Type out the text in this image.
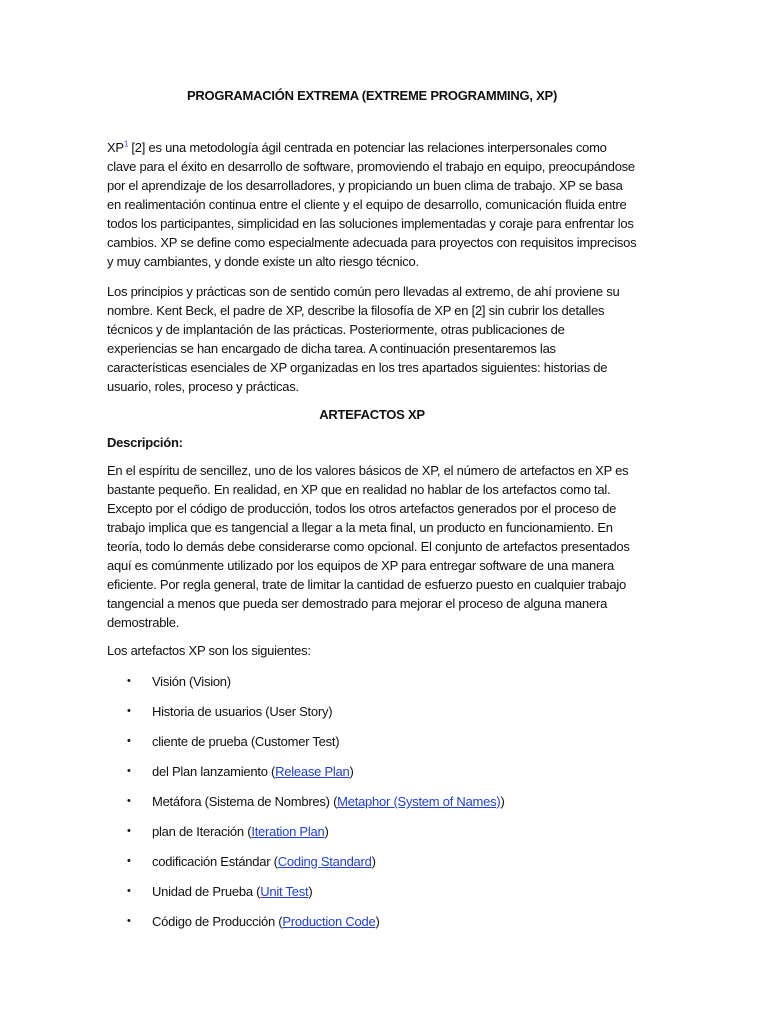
PROGRAMACIÓN EXTREMA (EXTREME PROGRAMMING, XP)

XP$^1$ [2] es una metodología ágil centrada en potenciar las relaciones interpersonales como clave para el éxito en desarrollo de software, promoviendo el trabajo en equipo, preocupándose por el aprendizaje de los desarrolladores, y propiciando un buen clima de trabajo. XP se basa en realimentación continua entre el cliente y el equipo de desarrollo, comunicación fluida entre todos los participantes, simplicidad en las soluciones implementadas y coraje para enfrentar los cambios. XP se define como especialmente adecuada para proyectos con requisitos imprecisos y muy cambiantes, y donde existe un alto riesgo técnico.

Los principios y prácticas son de sentido común pero llevadas al extremo, de ahí proviene su nombre. Kent Beck, el padre de XP, describe la filosofía de XP en [2] sin cubrir los detalles técnicos y de implantación de las prácticas. Posteriormente, otras publicaciones de experiencias se han encargado de dicha tarea. A continuación presentaremos las características esenciales de XP organizadas en los tres apartados siguientes: historias de usuario, roles, proceso y prácticas.

ARTEFACTOS XP
Descripción:

En el espíritu de sencillez, uno de los valores básicos de XP, el número de artefactos en XP es bastante pequeño. En realidad, en XP que en realidad no hablar de los artefactos como tal. Excepto por el código de producción, todos los otros artefactos generados por el proceso de trabajo implica que es tangencial a llegar a la meta final, un producto en funcionamiento. En teoría, todo lo demás debe considerarse como opcional. El conjunto de artefactos presentados aquí es comúnmente utilizado por los equipos de XP para entregar software de una manera eficiente. Por regla general, trate de limitar la cantidad de esfuerzo puesto en cualquier trabajo tangencial a menos que pueda ser demostrado para mejorar el proceso de alguna manera demostrable.

Los artefactos XP son los siguientes:

• Visión (Vision)
• Historia de usuarios (User Story)
• cliente de prueba (Customer Test)
• del Plan lanzamiento (Release Plan)
• Metáfora (Sistema de Nombres) (Metaphor (System of Names))
• plan de Iteración (Iteration Plan)
• codificación Estándar (Coding Standard)
• Unidad de Prueba (Unit Test)
• Código de Producción (Production Code)
